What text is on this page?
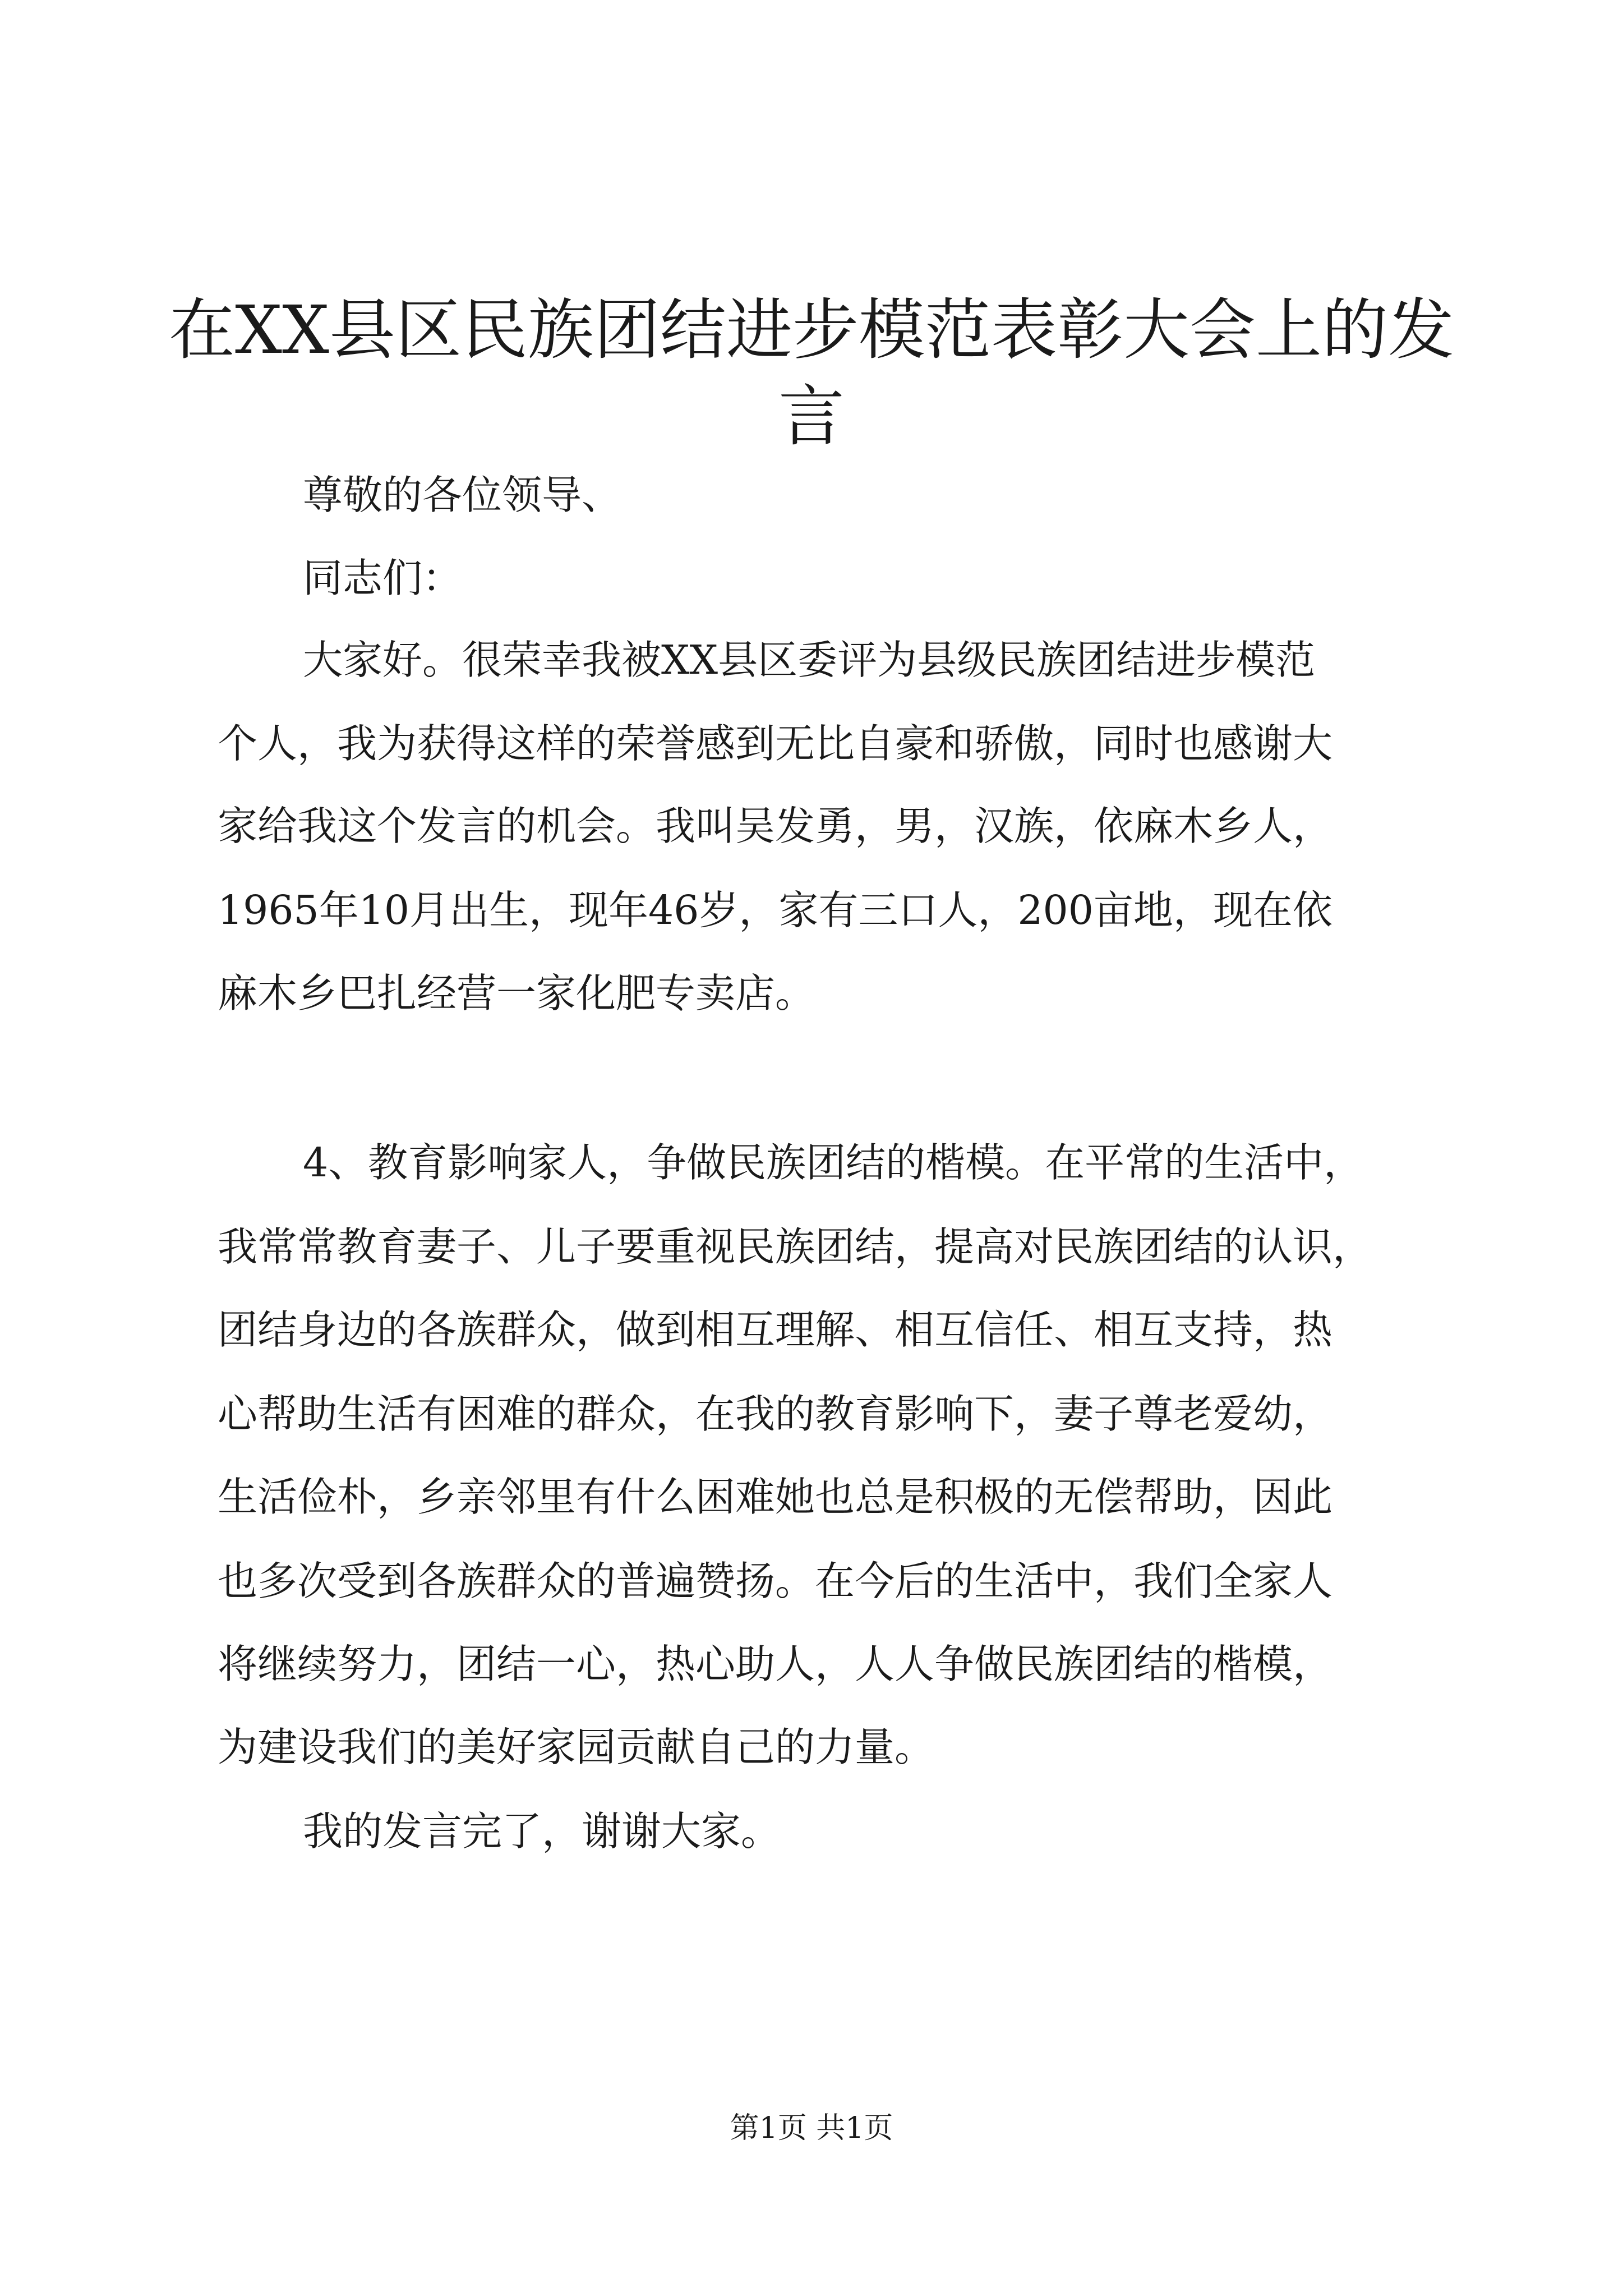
在XX县区民族团结进步模范表彰大会上的发
言
尊敬的各位领导、
同志们：
大家好。很荣幸我被XX县区委评为县级民族团结进步模范
个人，我为获得这样的荣誉感到无比自豪和骄傲，同时也感谢大
家给我这个发言的机会。我叫吴发勇，男，汉族，依麻木乡人，
1965年10月出生，现年46岁，家有三口人，200亩地，现在依
麻木乡巴扎经营一家化肥专卖店。
4、教育影响家人，争做民族团结的楷模。在平常的生活中，
我常常教育妻子、儿子要重视民族团结，提高对民族团结的认识，
团结身边的各族群众，做到相互理解、相互信任、相互支持，热
心帮助生活有困难的群众，在我的教育影响下，妻子尊老爱幼，
生活俭朴，乡亲邻里有什么困难她也总是积极的无偿帮助，因此
也多次受到各族群众的普遍赞扬。在今后的生活中，我们全家人
将继续努力，团结一心，热心助人，人人争做民族团结的楷模，
为建设我们的美好家园贡献自己的力量。
我的发言完了，谢谢大家。
第1页 共1页
